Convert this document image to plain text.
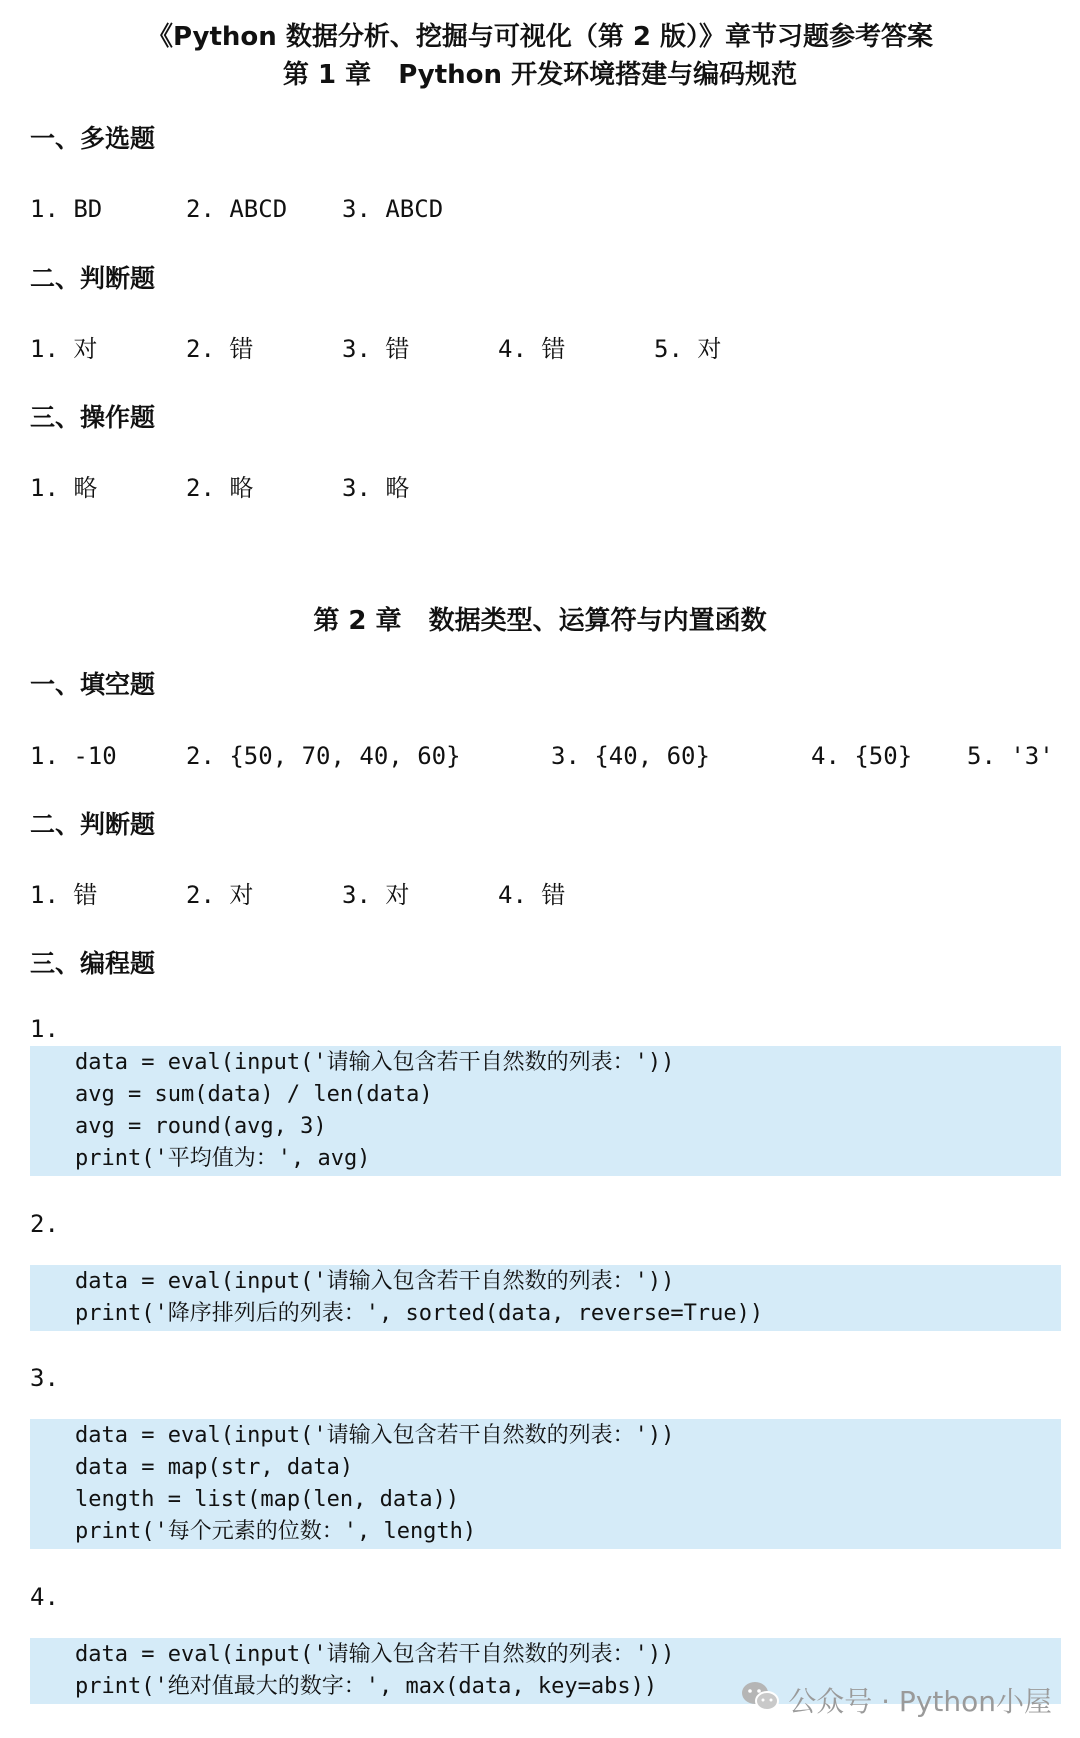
《Python 数据分析、挖掘与可视化（第 2 版）》章节习题参考答案
第 1 章   Python 开发环境搭建与编码规范
一、多选题
1. BD	2. ABCD 3. ABCD
二、判断题
1. 对	2. 错	3. 错	4. 错	5. 对
三、操作题
1. 略	2. 略	3. 略
第 2 章   数据类型、运算符与内置函数
一、填空题
1. -10	2. {50, 70, 40, 60}	3. {40, 60}	4. {50} 5. '3'
二、判断题
1. 错	2. 对	3. 对	4. 错
三、编程题
1.
data = eval(input('请输入包含若干自然数的列表：'))
avg = sum(data) / len(data)
avg = round(avg, 3)
print('平均值为：', avg)
2.
data = eval(input('请输入包含若干自然数的列表：'))
print('降序排列后的列表：', sorted(data, reverse=True))
3.
data = eval(input('请输入包含若干自然数的列表：'))
data = map(str, data)
length = list(map(len, data))
print('每个元素的位数：', length)
4.
data = eval(input('请输入包含若干自然数的列表：'))
print('绝对值最大的数字：', max(data, key=abs))	公众号 · Python小屋
